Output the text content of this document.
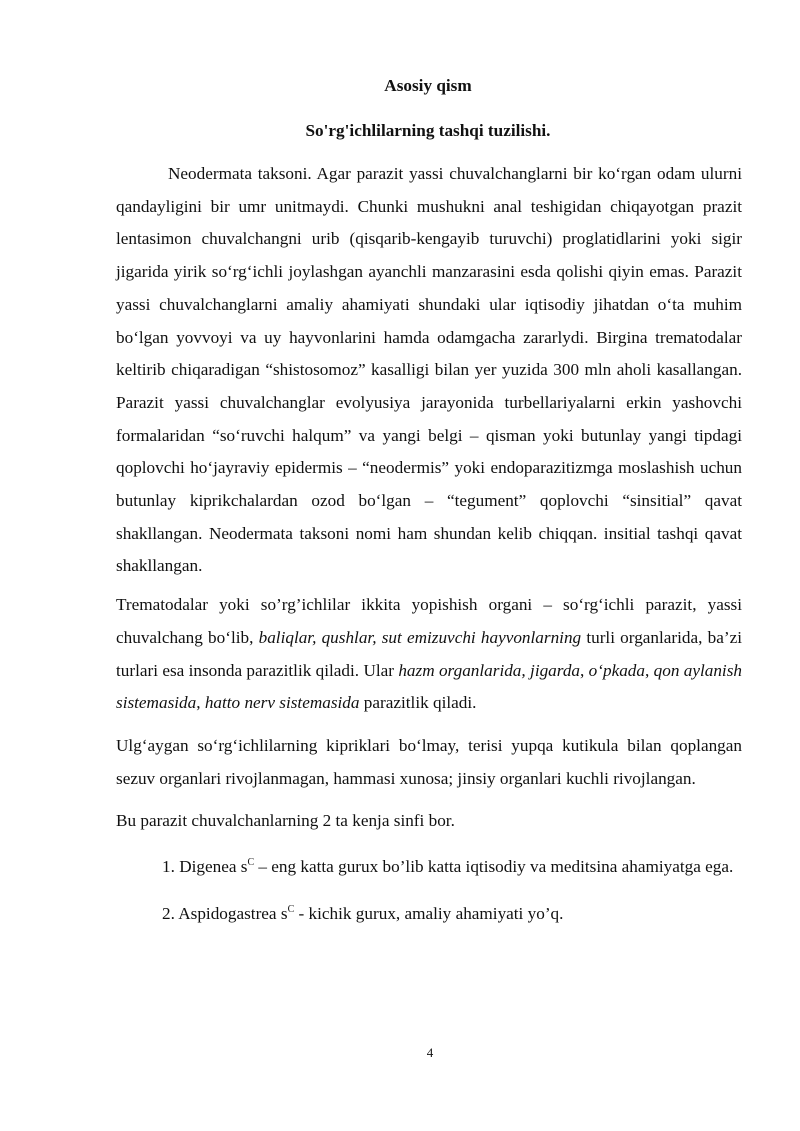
Asosiy qism
So'rg'ichlilarning tashqi tuzilishi.

Neodermata taksoni. Agar parazit yassi chuvalchanglarni bir ko‘rgan odam ulurni qandayligini bir umr unitmaydi. Chunki mushukni anal teshigidan chiqayotgan prazit lentasimon chuvalchangni urib (qisqarib-kengayib turuvchi) proglatidlarini yoki sigir jigarida yirik so‘rg‘ichli joylashgan ayanchli manzarasini esda qolishi qiyin emas. Parazit yassi chuvalchanglarni amaliy ahamiyati shundaki ular iqtisodiy jihatdan o‘ta muhim bo‘lgan yovvoyi va uy hayvonlarini hamda odamgacha zararlydi. Birgina trematodalar keltirib chiqaradigan “shistosomoz” kasalligi bilan yer yuzida 300 mln aholi kasallangan. Parazit yassi chuvalchanglar evolyusiya jarayonida turbellariyalarni erkin yashovchi formalaridan “so‘ruvchi halqum” va yangi belgi – qisman yoki butunlay yangi tipdagi qoplovchi ho‘jayraviy epidermis – “neodermis” yoki endoparazitizmga moslashish uchun butunlay kiprikchalardan ozod bo‘lgan – “tegument” qoplovchi “sinsitial” qavat shakllangan. Neodermata taksoni nomi ham shundan kelib chiqqan. insitial tashqi qavat shakllangan.

Trematodalar yoki so’rg’ichlilar ikkita yopishish organi – so‘rg‘ichli parazit, yassi chuvalchang bo‘lib, baliqlar, qushlar, sut emizuvchi hayvonlarning turli organlarida, ba’zi turlari esa insonda parazitlik qiladi. Ular hazm organlarida, jigarda, o‘pkada, qon aylanish sistemasida, hatto nerv sistemasida parazitlik qiladi.

Ulg‘aygan so‘rg‘ichlilarning kipriklari bo‘lmay, terisi yupqa kutikula bilan qoplangan sezuv organlari rivojlanmagan, hammasi xunosa; jinsiy organlari kuchli rivojlangan.

Bu parazit chuvalchanlarning 2 ta kenja sinfi bor.

1. Digenea $s^C$ – eng katta gurux bo’lib katta iqtisodiy va meditsina ahamiyatga ega.

2. Aspidogastrea $s^C$ - kichik gurux, amaliy ahamiyati yo’q.

4
